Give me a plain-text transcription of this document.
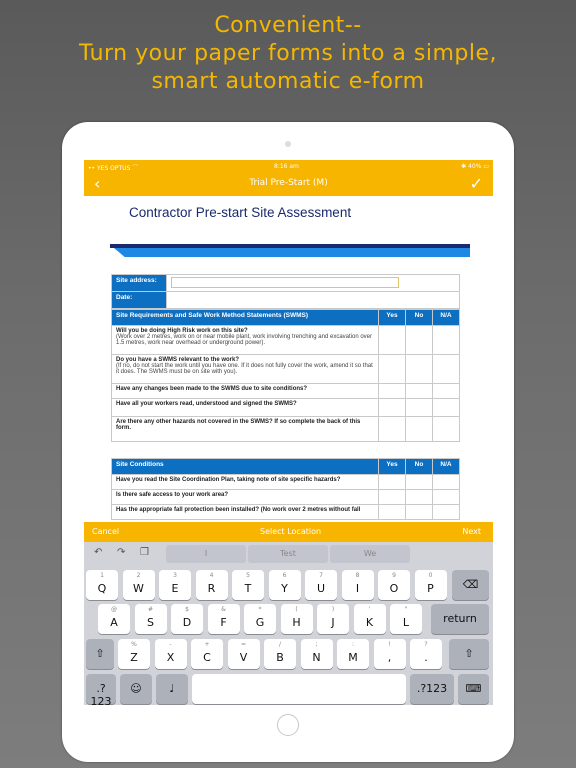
Convenient--
Turn your paper forms into a simple,
smart automatic e-form
•• YES OPTUS ⌒	8:16 am	✱ 40% ▭
‹	Trial Pre-Start (M)	✓
Contractor Pre-start Site Assessment
Site address:	
Date:	
Site Requirements and Safe Work Method Statements (SWMS)	Yes	No	N/A

Will you be doing High Risk work on this site?
(Work over 2 metres, work on or near mobile plant, work involving trenching and excavation over 1.5 metres, work near overhead or underground power).			

Do you have a SWMS relevant to the work?
(If no, do not start the work until you have one. If it does not fully cover the work, amend it so that it does. The SWMS must be on site with you).			

Have any changes been made to the SWMS due to site conditions?			

Have all your workers read, understood and signed the SWMS?			

Are there any other hazards not covered in the SWMS? If so complete the back of this form.			

Site Conditions	Yes	No	N/A

Have you read the Site Coordination Plan, taking note of site specific hazards?			

Is there safe access to your work area?			

Has the appropriate fall protection been installed? (No work over 2 metres without fall			

Cancel	Select Location	Next
↶ ↷ ❐	I	Test	We
1
Q
2
W
3
E
4
R
5
T
6
Y
7
U
8
I
9
O
0
P	⌫
@
A
#
S
$
D
&
F
*
G
(
H
)
J
'
K
"
L	return
⇧
%
Z
-
X
+
C
=
V
/
B
;
N
:
M
!
,
?
.	⇧
.?123
☺	♩	.?123	⌨
